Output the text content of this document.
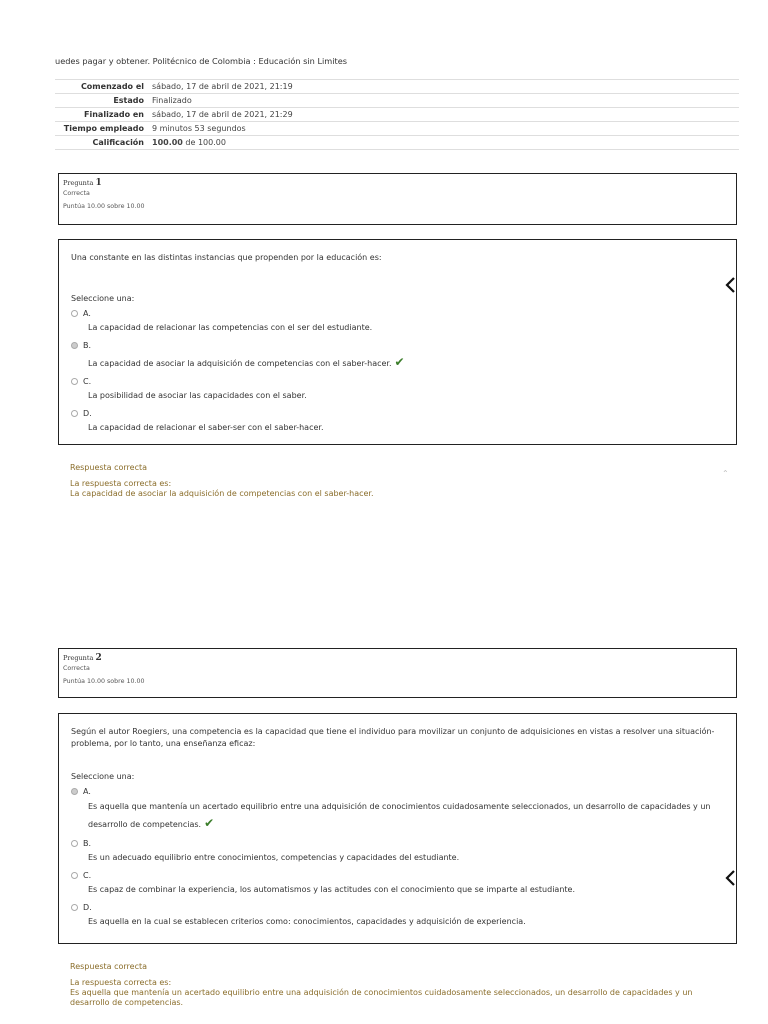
uedes pagar y obtener. Politécnico de Colombia : Educación sin Limites
Comenzado el	sábado, 17 de abril de 2021, 21:19
Estado	Finalizado
Finalizado en	sábado, 17 de abril de 2021, 21:29
Tiempo empleado	9 minutos 53 segundos
Calificación	100.00 de 100.00
Pregunta 1
Correcta
Puntúa 10.00 sobre 10.00
Una constante en las distintas instancias que propenden por la educación es:
Seleccione una:
A.
La capacidad de relacionar las competencias con el ser del estudiante.
B.
La capacidad de asociar la adquisición de competencias con el saber-hacer. ✔
C.
La posibilidad de asociar las capacidades con el saber.
D.
La capacidad de relacionar el saber-ser con el saber-hacer.
Respuesta correcta
La respuesta correcta es:
La capacidad de asociar la adquisición de competencias con el saber-hacer.
⌃
Pregunta 2
Correcta
Puntúa 10.00 sobre 10.00
Según el autor Roegiers, una competencia es la capacidad que tiene el individuo para movilizar un conjunto de adquisiciones en vistas a resolver una situación-problema, por lo tanto, una enseñanza eficaz:
Seleccione una:
A.
Es aquella que mantenía un acertado equilibrio entre una adquisición de conocimientos cuidadosamente seleccionados, un desarrollo de capacidades y un desarrollo de competencias. ✔
B.
Es un adecuado equilibrio entre conocimientos, competencias y capacidades del estudiante.
C.
Es capaz de combinar la experiencia, los automatismos y las actitudes con el conocimiento que se imparte al estudiante.
D.
Es aquella en la cual se establecen criterios como: conocimientos, capacidades y adquisición de experiencia.
Respuesta correcta
La respuesta correcta es:
Es aquella que mantenía un acertado equilibrio entre una adquisición de conocimientos cuidadosamente seleccionados, un desarrollo de capacidades y un desarrollo de competencias.
